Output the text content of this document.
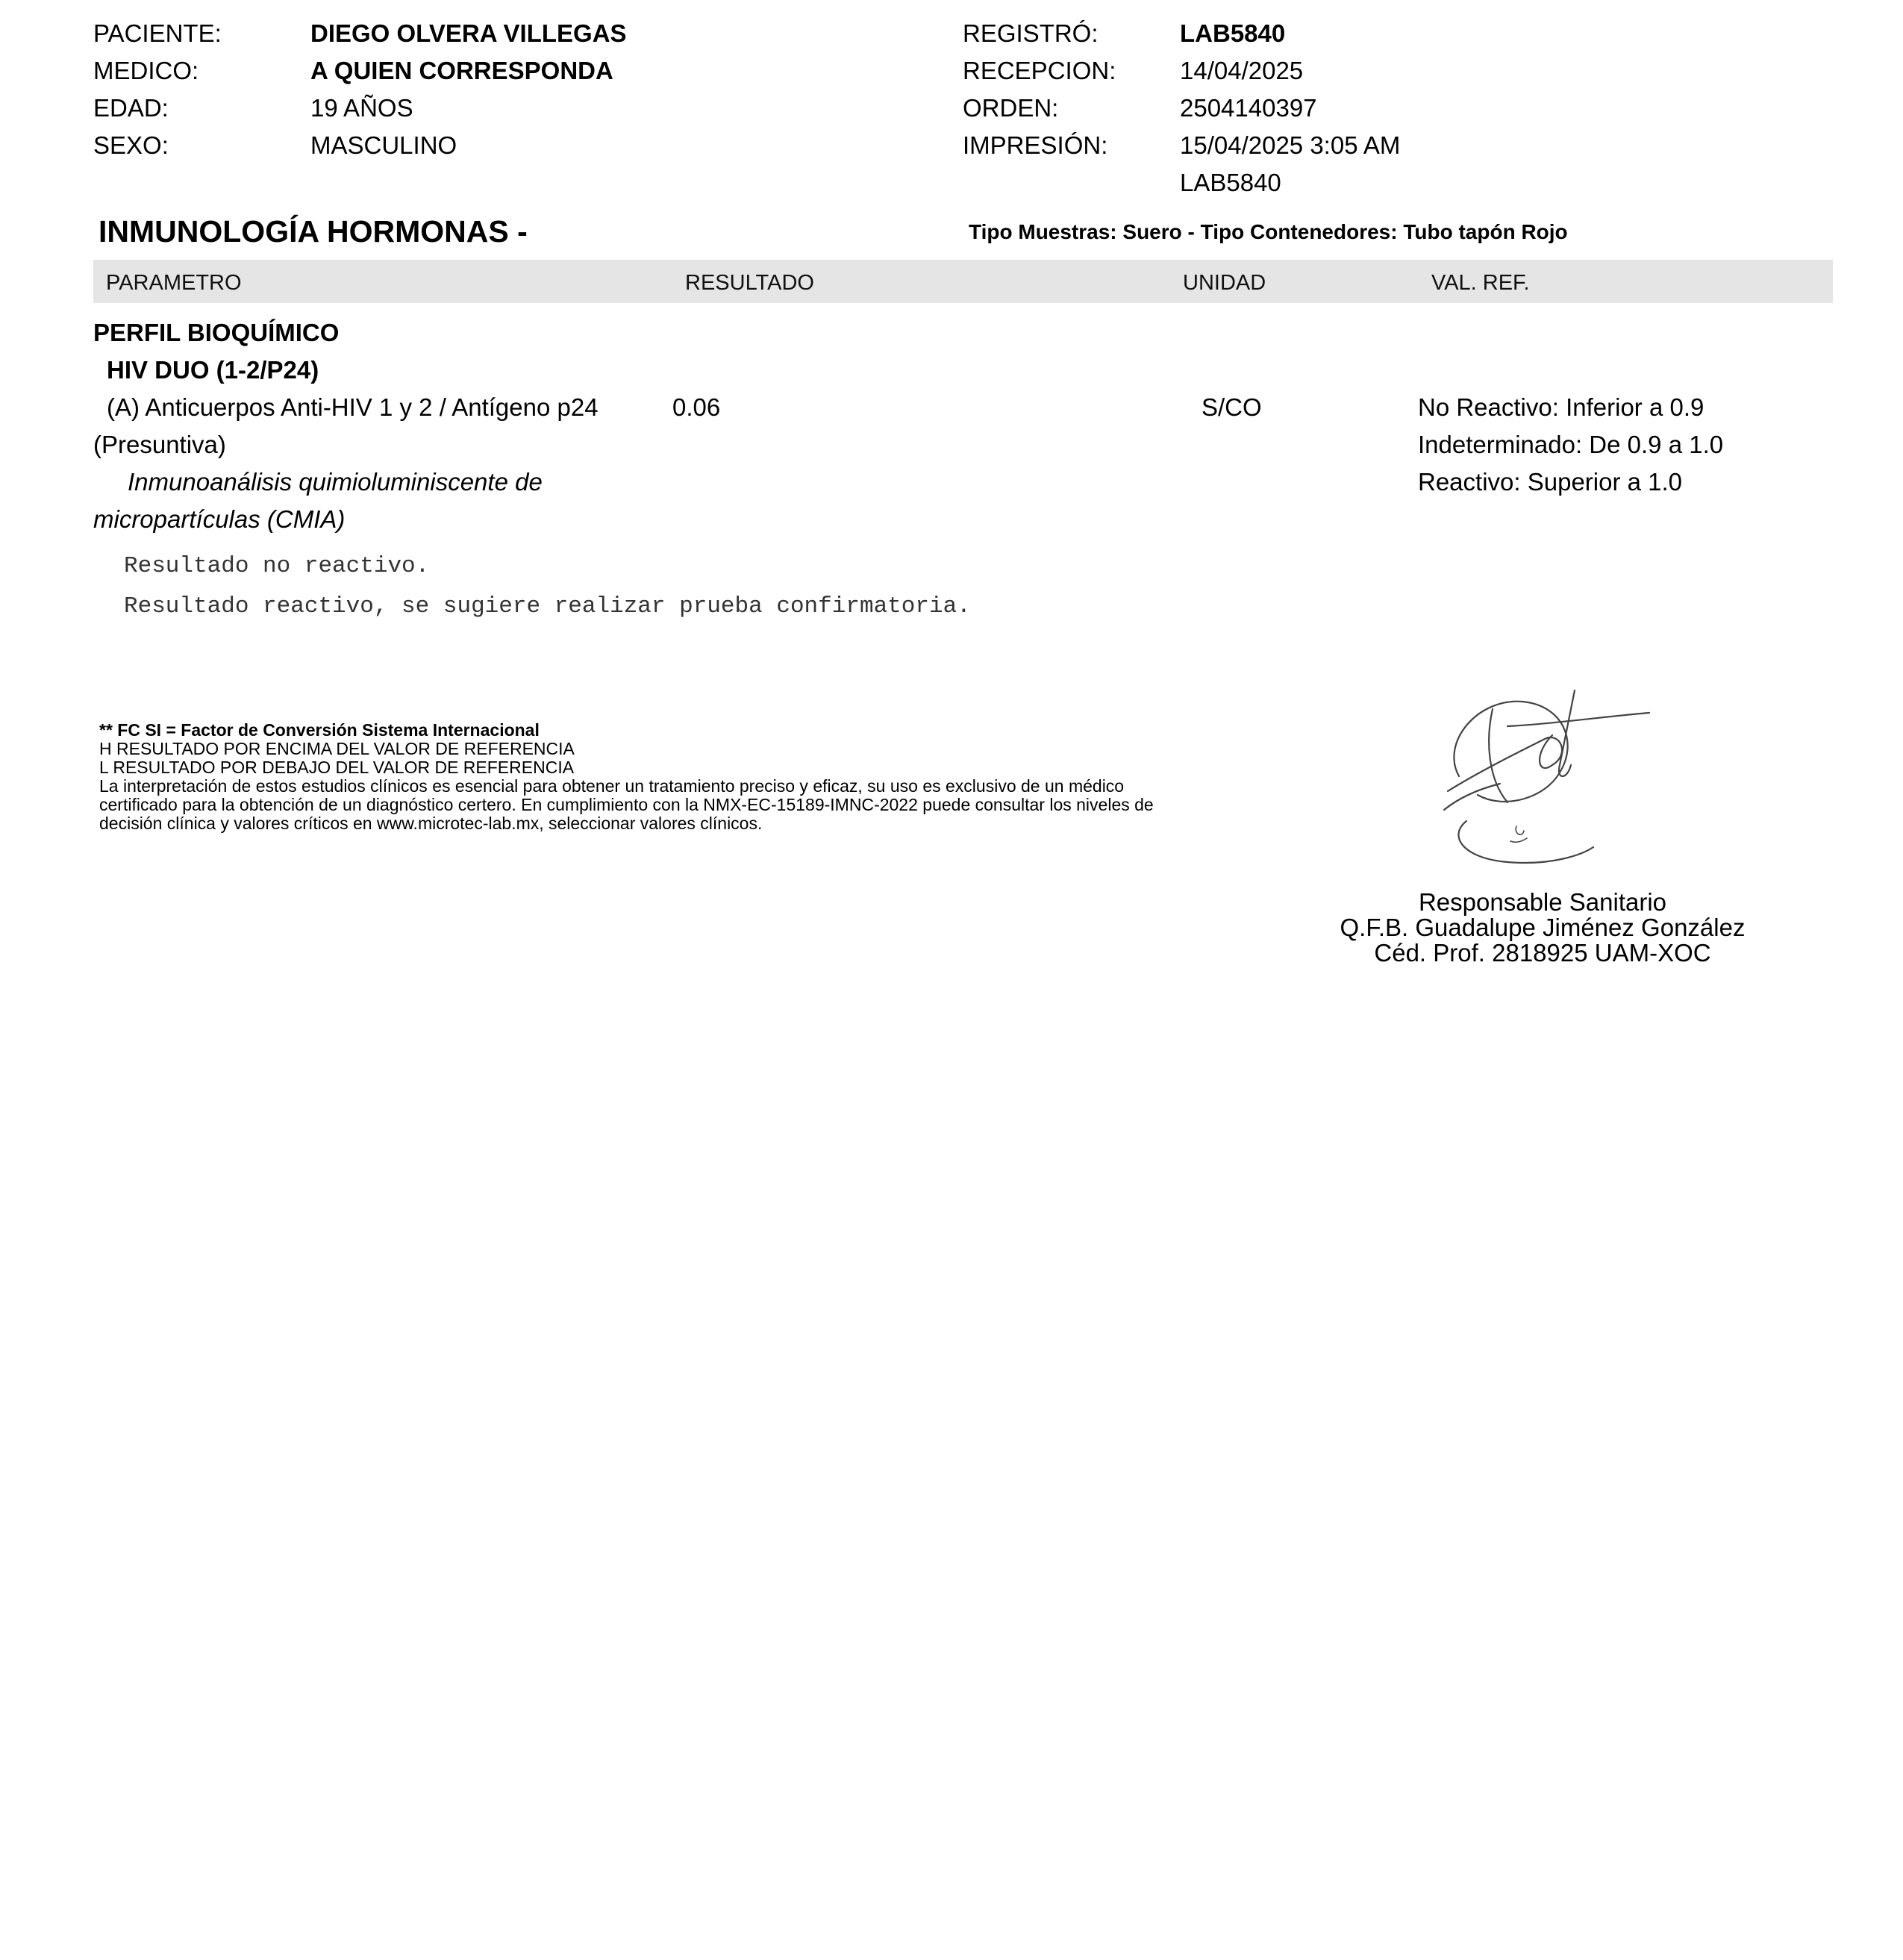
PACIENTE:	DIEGO OLVERA VILLEGAS
MEDICO:	A QUIEN CORRESPONDA
EDAD:	19 AÑOS
SEXO:	MASCULINO
REGISTRÓ:	LAB5840
RECEPCION:	14/04/2025
ORDEN:	2504140397
IMPRESIÓN:	15/04/2025 3:05 AM
LAB5840
INMUNOLOGÍA HORMONAS -	Tipo Muestras: Suero - Tipo Contenedores: Tubo tapón Rojo
PARAMETRO	RESULTADO	UNIDAD	VAL. REF.
PERFIL BIOQUÍMICO
HIV DUO (1-2/P24)
(A) Anticuerpos Anti-HIV 1 y 2 / Antígeno p24
(Presuntiva)
Inmunoanálisis quimioluminiscente de
micropartículas (CMIA)
0.06	S/CO	No Reactivo: Inferior a 0.9
Indeterminado: De 0.9 a 1.0
Reactivo: Superior a 1.0
Resultado no reactivo.
Resultado reactivo, se sugiere realizar prueba confirmatoria.
** FC SI = Factor de Conversión Sistema Internacional
H RESULTADO POR ENCIMA DEL VALOR DE REFERENCIA
L RESULTADO POR DEBAJO DEL VALOR DE REFERENCIA
La interpretación de estos estudios clínicos es esencial para obtener un tratamiento preciso y eficaz, su uso es exclusivo de un médico
certificado para la obtención de un diagnóstico certero. En cumplimiento con la NMX-EC-15189-IMNC-2022 puede consultar los niveles de
decisión clínica y valores críticos en www.microtec-lab.mx, seleccionar valores clínicos.
Responsable Sanitario
Q.F.B. Guadalupe Jiménez González
Céd. Prof. 2818925 UAM-XOC
